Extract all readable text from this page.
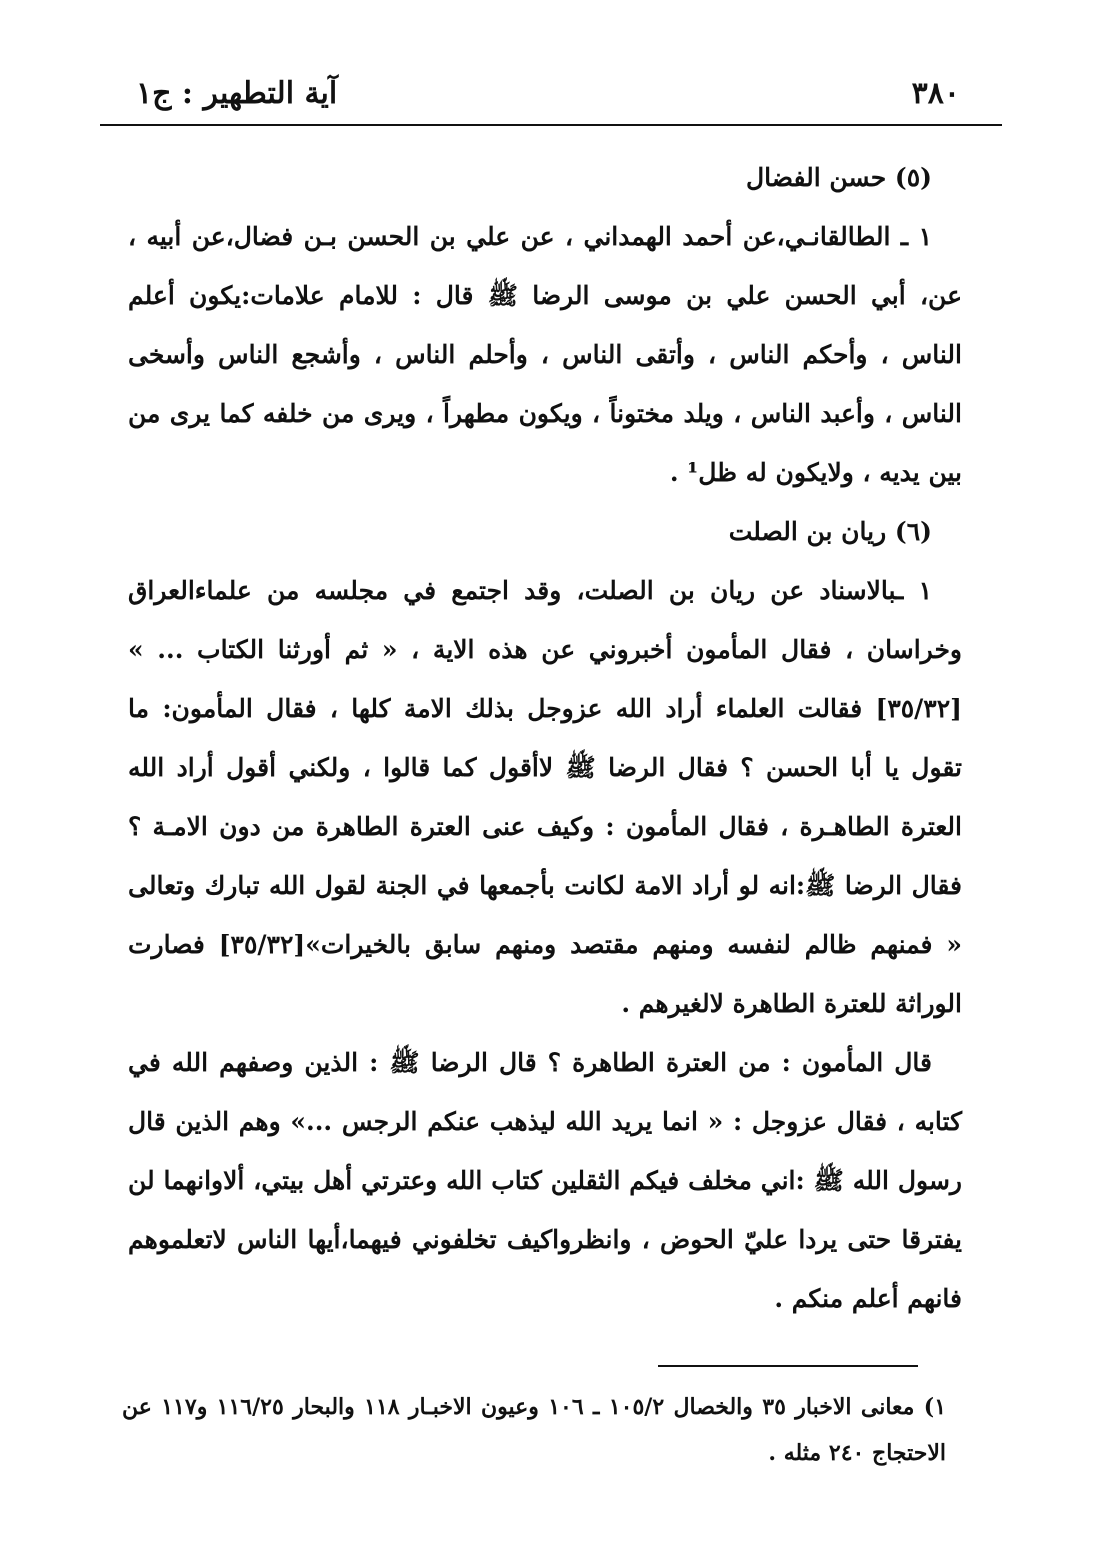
٣٨٠
آية التطهير : ج١

(٥) حسن الفضال

١ ـ الطالقانـي،عن أحمد الهمداني ، عن علي بن الحسن بـن فضال،عن أبيه ، عن، أبي الحسن علي بن موسى الرضا ﷺ قال : للامام علامات:يكون أعلم الناس ، وأحكم الناس ، وأتقى الناس ، وأحلم الناس ، وأشجع الناس وأسخى الناس ، وأعبد الناس ، ويلد مختوناً ، ويكون مطهراً ، ويرى من خلفه كما يرى من بين يديه ، ولايكون له ظل¹ .

(٦) ريان بن الصلت

١ ـبالاسناد عن ريان بن الصلت، وقد اجتمع في مجلسه من علماءالعراق وخراسان ، فقال المأمون أخبروني عن هذه الاية ، « ثم أورثنا الكتاب ... » [٣٥/٣٢] فقالت العلماء أراد الله عزوجل بذلك الامة كلها ، فقال المأمون: ما تقول يا أبا الحسن ؟ فقال الرضا ﷺ لاأقول كما قالوا ، ولكني أقول أراد الله العترة الطاهـرة ، فقال المأمون : وكيف عنى العترة الطاهرة من دون الامـة ؟ فقال الرضا ﷺ:انه لو أراد الامة لكانت بأجمعها في الجنة لقول الله تبارك وتعالى « فمنهم ظالم لنفسه ومنهم مقتصد ومنهم سابق بالخيرات»[٣٥/٣٢] فصارت الوراثة للعترة الطاهرة لالغيرهم .

قال المأمون : من العترة الطاهرة ؟ قال الرضا ﷺ : الذين وصفهم الله في كتابه ، فقال عزوجل : « انما يريد الله ليذهب عنكم الرجس ...» وهم الذين قال رسول الله ﷺ :اني مخلف فيكم الثقلين كتاب الله وعترتي أهل بيتي، ألاوانهما لن يفترقا حتى يردا عليّ الحوض ، وانظرواكيف تخلفوني فيهما،أيها الناس لاتعلموهم فانهم أعلم منكم .

١) معانى الاخبار ٣٥ والخصال ١٠٥/٢ ـ ١٠٦ وعيون الاخبـار ١١٨ والبحار ١١٦/٢٥ و١١٧ عن الاحتجاج ٢٤٠ مثله .
